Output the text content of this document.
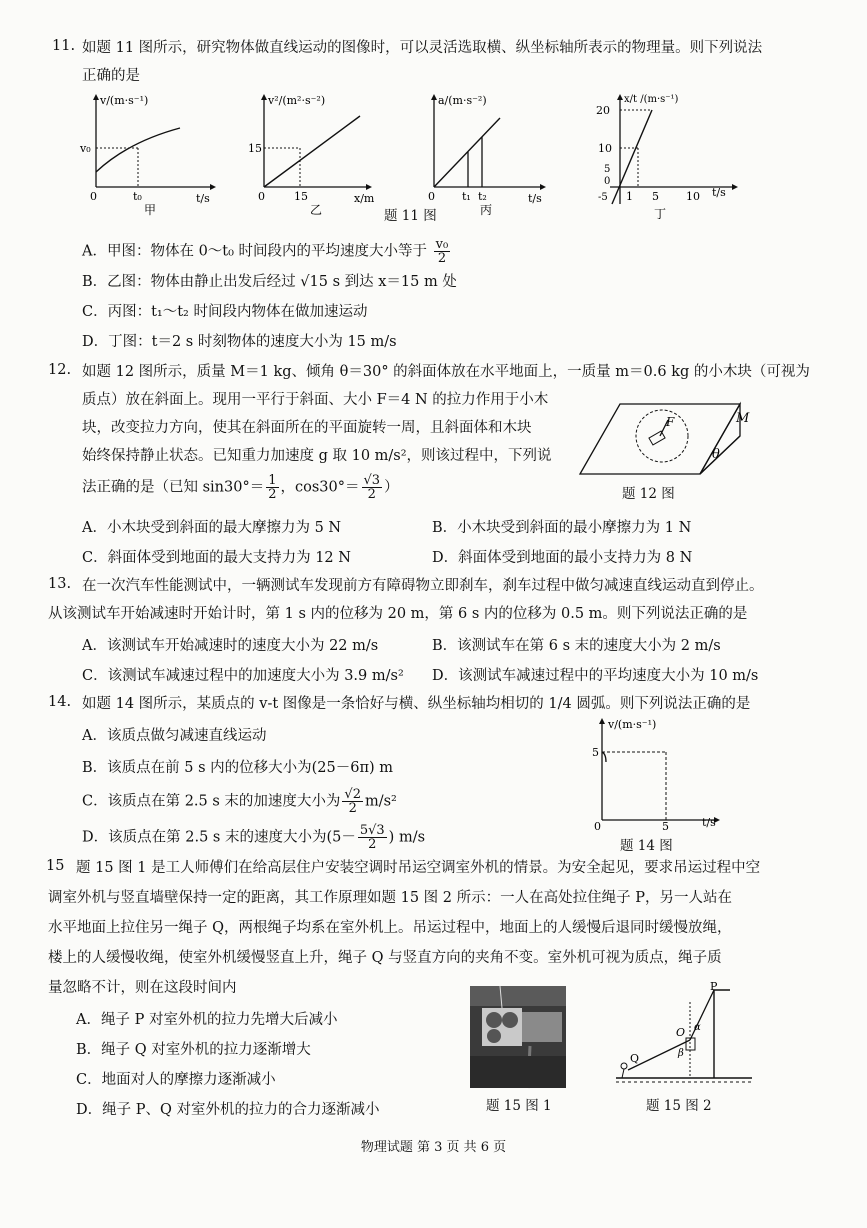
11. 如题 11 图所示，研究物体做直线运动的图像时，可以灵活选取横、纵坐标轴所表示的物理量。则下列说法
正确的是
v/(m·s⁻¹)
v₀
0	t₀	t/s
甲
v²/(m²·s⁻²)
15
0	15	x/m
乙
a/(m·s⁻²)
0 t₁ t₂	t/s
丙
x/t /(m·s⁻¹)
20
10
5
0
-5 1 5 10 t/s
丁
题 11 图
A．甲图：物体在 0～t₀ 时间段内的平均速度大小等于 $\frac{\text{v₀}}{2}$
B．乙图：物体由静止出发后经过 √15 s 到达 x＝15 m 处
C．丙图：t₁～t₂ 时间段内物体在做加速运动
D．丁图：t＝2 s 时刻物体的速度大小为 15 m/s
12. 如题 12 图所示，质量 M＝1 kg、倾角 θ＝30° 的斜面体放在水平地面上，一质量 m＝0.6 kg 的小木块（可视为
质点）放在斜面上。现用一平行于斜面、大小 F＝4 N 的拉力作用于小木
块，改变拉力方向，使其在斜面所在的平面旋转一周，且斜面体和木块
始终保持静止状态。已知重力加速度 g 取 10 m/s²，则该过程中，下列说
法正确的是（已知 $\sin 30^\circ= \frac{1}{2}$ ，$\cos 30^\circ= \frac{√3}{2}$ ）
F	M
θ
题 12 图
A．小木块受到斜面的最大摩擦力为 5 N	B．小木块受到斜面的最小摩擦力为 1 N
C．斜面体受到地面的最大支持力为 12 N	D．斜面体受到地面的最小支持力为 8 N
13. 在一次汽车性能测试中，一辆测试车发现前方有障碍物立即刹车，刹车过程中做匀减速直线运动直到停止。
从该测试车开始减速时开始计时，第 1 s 内的位移为 20 m，第 6 s 内的位移为 0.5 m。则下列说法正确的是
A．该测试车开始减速时的速度大小为 22 m/s	B．该测试车在第 6 s 末的速度大小为 2 m/s
C．该测试车减速过程中的加速度大小为 3.9 m/s² D．该测试车减速过程中的平均速度大小为 10 m/s
14. 如题 14 图所示，某质点的 v-t 图像是一条恰好与横、纵坐标轴均相切的 1/4 圆弧。则下列说法正确的是
A．该质点做匀减速直线运动
B．该质点在前 5 s 内的位移大小为(25－6π) m
C．该质点在第 2.5 s 末的加速度大小为 $\frac{√2}{2} m/s^2$
D．该质点在第 2.5 s 末的速度大小为($5- \frac{5√3}{2}$ ) m/s
v/(m·s⁻¹)
5
0	5	t/s
题 14 图
15 题 15 图 1 是工人师傅们在给高层住户安装空调时吊运空调室外机的情景。为安全起见，要求吊运过程中空
调室外机与竖直墙壁保持一定的距离，其工作原理如题 15 图 2 所示：一人在高处拉住绳子 P，另一人站在
水平地面上拉住另一绳子 Q，两根绳子均系在室外机上。吊运过程中，地面上的人缓慢后退同时缓慢放绳，
楼上的人缓慢收绳，使室外机缓慢竖直上升，绳子 Q 与竖直方向的夹角不变。室外机可视为质点，绳子质
量忽略不计，则在这段时间内
A．绳子 P 对室外机的拉力先增大后减小
B．绳子 Q 对室外机的拉力逐渐增大
C．地面对人的摩擦力逐渐减小
D．绳子 P、Q 对室外机的拉力的合力逐渐减小	题 15 图 1
P
Q
O α
β
题 15 图 2
物理试题 第 3 页 共 6 页
